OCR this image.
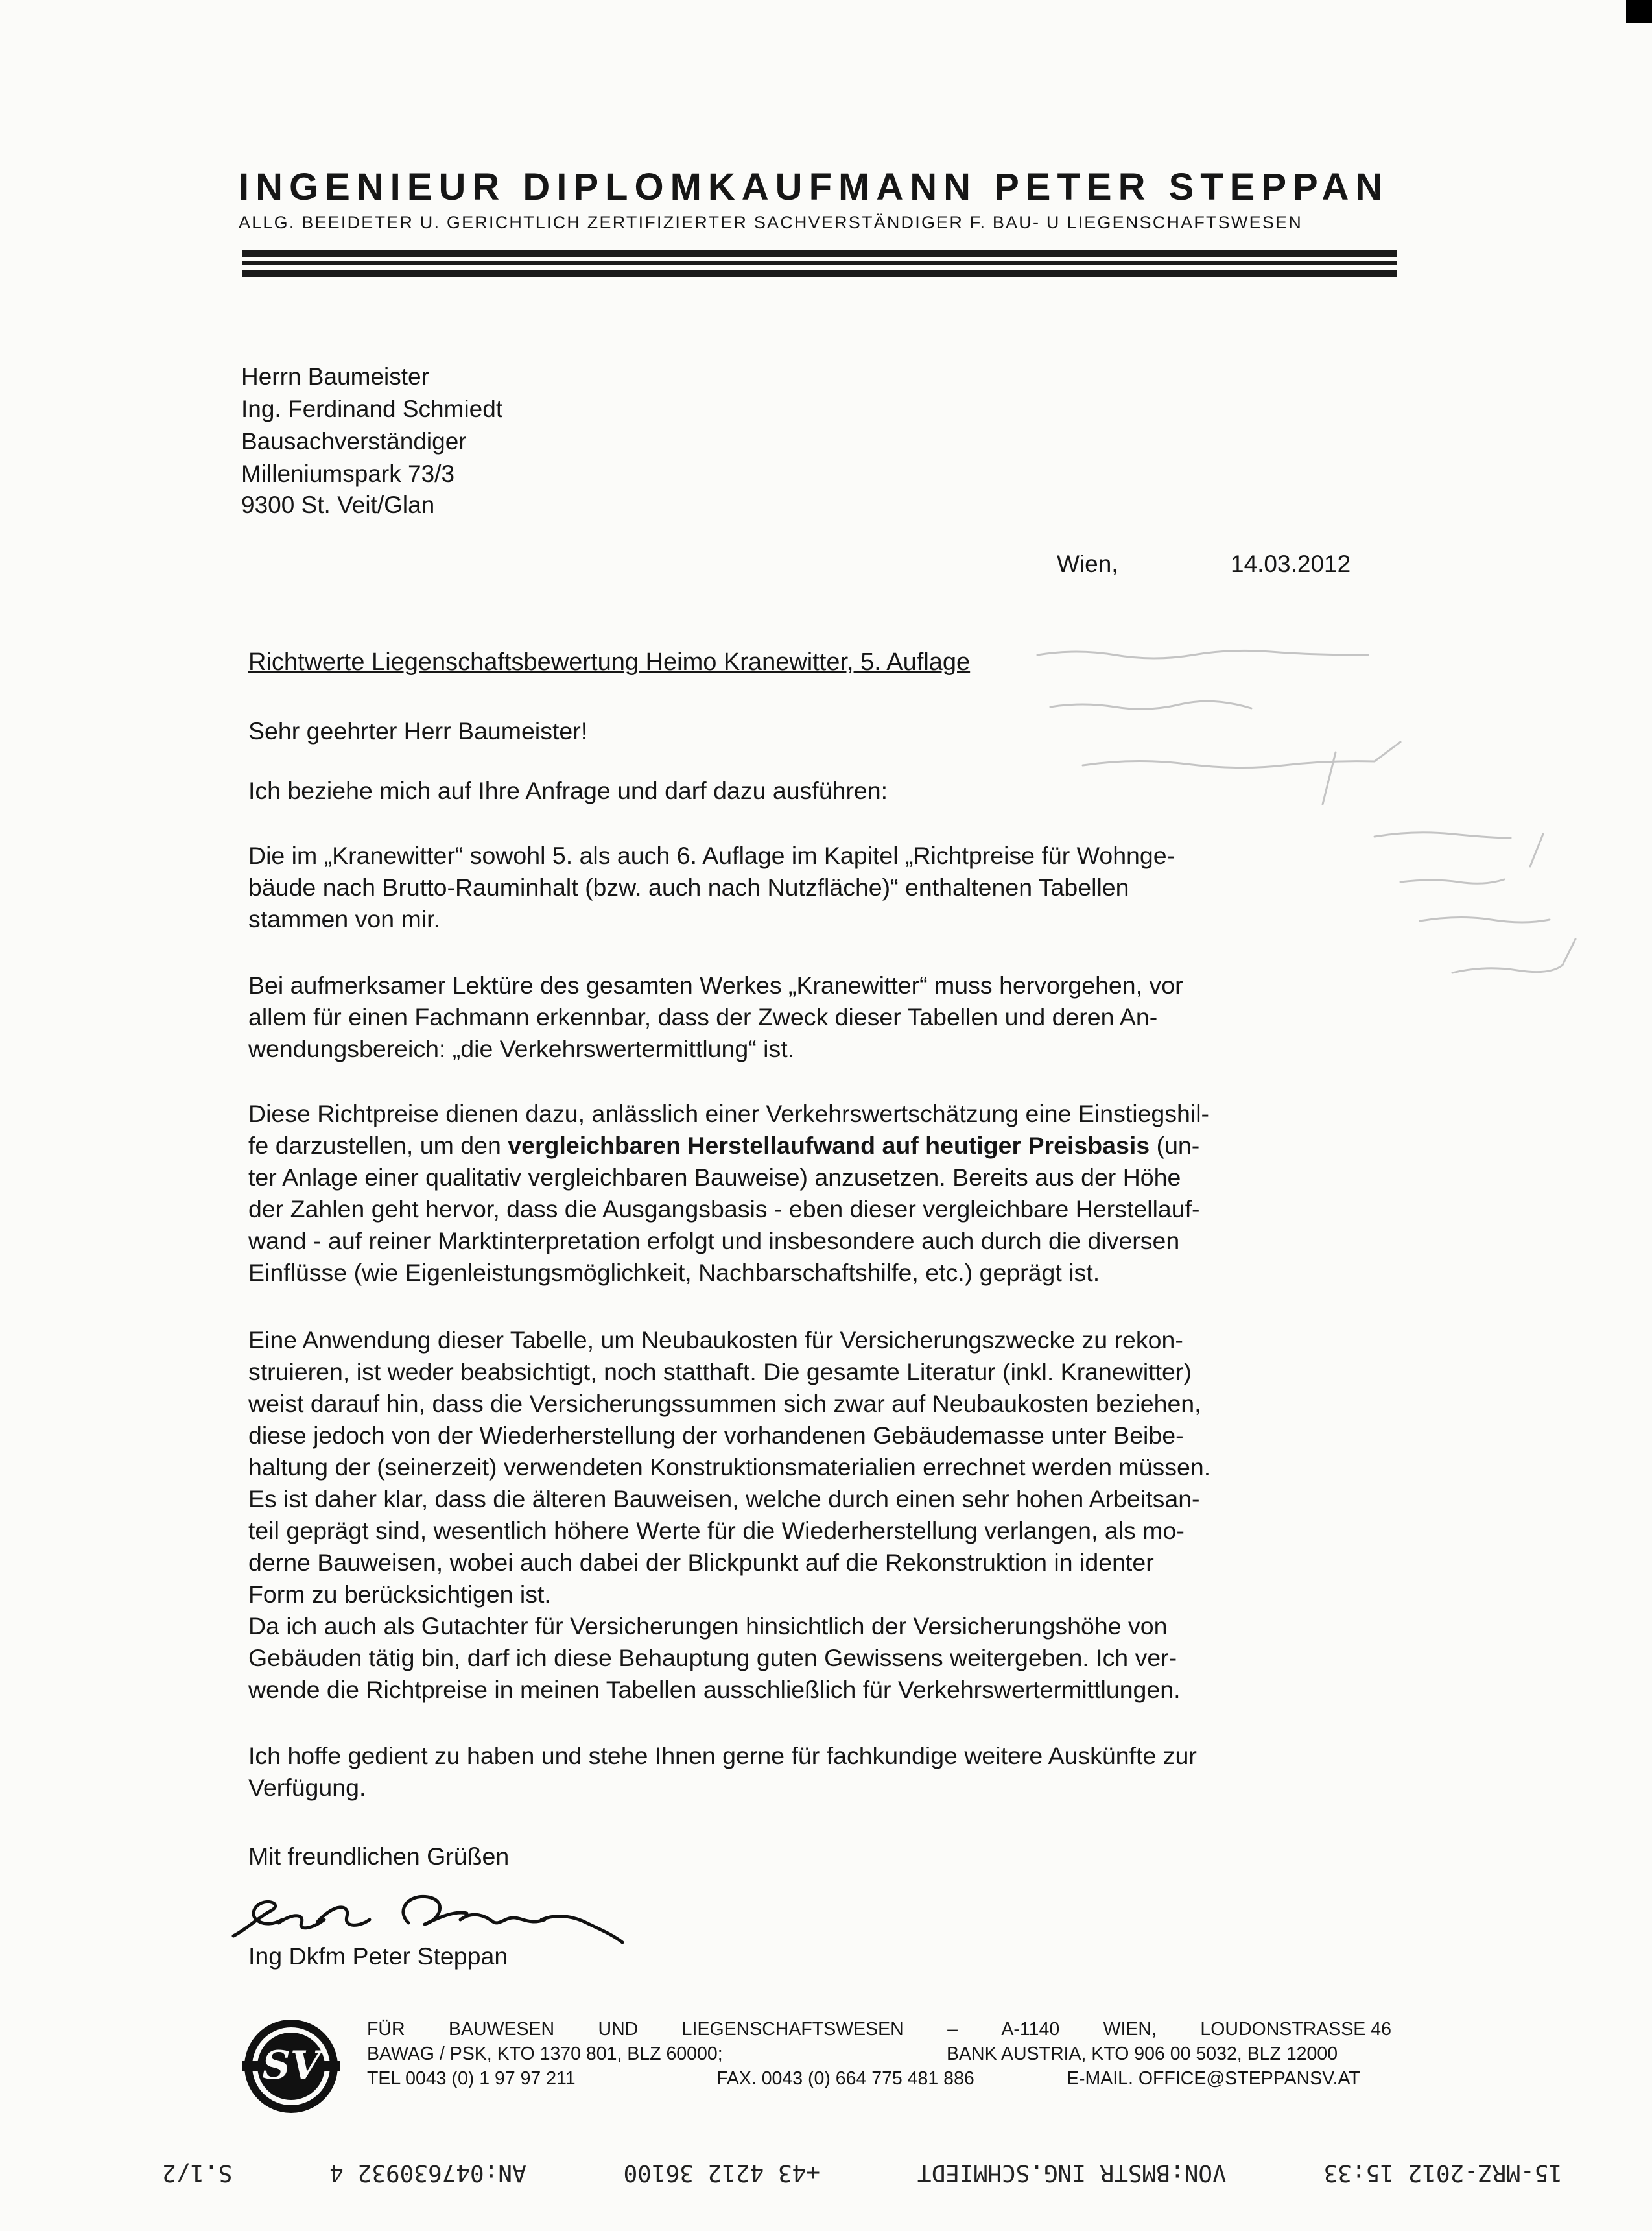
INGENIEUR DIPLOMKAUFMANN PETER STEPPAN
ALLG. BEEIDETER U. GERICHTLICH ZERTIFIZIERTER SACHVERSTÄNDIGER F. BAU- U LIEGENSCHAFTSWESEN
Herrn Baumeister
Ing. Ferdinand Schmiedt
Bausachverständiger
Milleniumspark 73/3
9300 St. Veit/Glan
Wien,	14.03.2012
Richtwerte Liegenschaftsbewertung Heimo Kranewitter, 5. Auflage
Sehr geehrter Herr Baumeister!
Ich beziehe mich auf Ihre Anfrage und darf dazu ausführen:
Die im „Kranewitter“ sowohl 5. als auch 6. Auflage im Kapitel „Richtpreise für Wohnge-
bäude nach Brutto-Rauminhalt (bzw. auch nach Nutzfläche)“ enthaltenen Tabellen
stammen von mir.
Bei aufmerksamer Lektüre des gesamten Werkes „Kranewitter“ muss hervorgehen, vor
allem für einen Fachmann erkennbar, dass der Zweck dieser Tabellen und deren An-
wendungsbereich: „die Verkehrswertermittlung“ ist.
Diese Richtpreise dienen dazu, anlässlich einer Verkehrswertschätzung eine Einstiegshil-
fe darzustellen, um den vergleichbaren Herstellaufwand auf heutiger Preisbasis (un-
ter Anlage einer qualitativ vergleichbaren Bauweise) anzusetzen. Bereits aus der Höhe
der Zahlen geht hervor, dass die Ausgangsbasis - eben dieser vergleichbare Herstellauf-
wand - auf reiner Marktinterpretation erfolgt und insbesondere auch durch die diversen
Einflüsse (wie Eigenleistungsmöglichkeit, Nachbarschaftshilfe, etc.) geprägt ist.
Eine Anwendung dieser Tabelle, um Neubaukosten für Versicherungszwecke zu rekon-
struieren, ist weder beabsichtigt, noch statthaft. Die gesamte Literatur (inkl. Kranewitter)
weist darauf hin, dass die Versicherungssummen sich zwar auf Neubaukosten beziehen,
diese jedoch von der Wiederherstellung der vorhandenen Gebäudemasse unter Beibe-
haltung der (seinerzeit) verwendeten Konstruktionsmaterialien errechnet werden müssen.
Es ist daher klar, dass die älteren Bauweisen, welche durch einen sehr hohen Arbeitsan-
teil geprägt sind, wesentlich höhere Werte für die Wiederherstellung verlangen, als mo-
derne Bauweisen, wobei auch dabei der Blickpunkt auf die Rekonstruktion in identer
Form zu berücksichtigen ist.
Da ich auch als Gutachter für Versicherungen hinsichtlich der Versicherungshöhe von
Gebäuden tätig bin, darf ich diese Behauptung guten Gewissens weitergeben. Ich ver-
wende die Richtpreise in meinen Tabellen ausschließlich für Verkehrswertermittlungen.
Ich hoffe gedient zu haben und stehe Ihnen gerne für fachkundige weitere Auskünfte zur
Verfügung.
Mit freundlichen Grüßen
Ing Dkfm Peter Steppan
SV
FÜR BAUWESEN UND LIEGENSCHAFTSWESEN – A-1140 WIEN, LOUDONSTRASSE 46
BAWAG / PSK, KTO 1370 801, BLZ 60000;	BANK AUSTRIA, KTO 906 00 5032, BLZ 12000
TEL 0043 (0) 1 97 97 211	FAX. 0043 (0) 664 775 481 886	E-MAIL. OFFICE@STEPPANSV.AT
15-MRZ-2012 15:33
VON:BMSTR ING.SCHMIEDT
+43 4212 36100
AN:047630932 4
S.1/2
